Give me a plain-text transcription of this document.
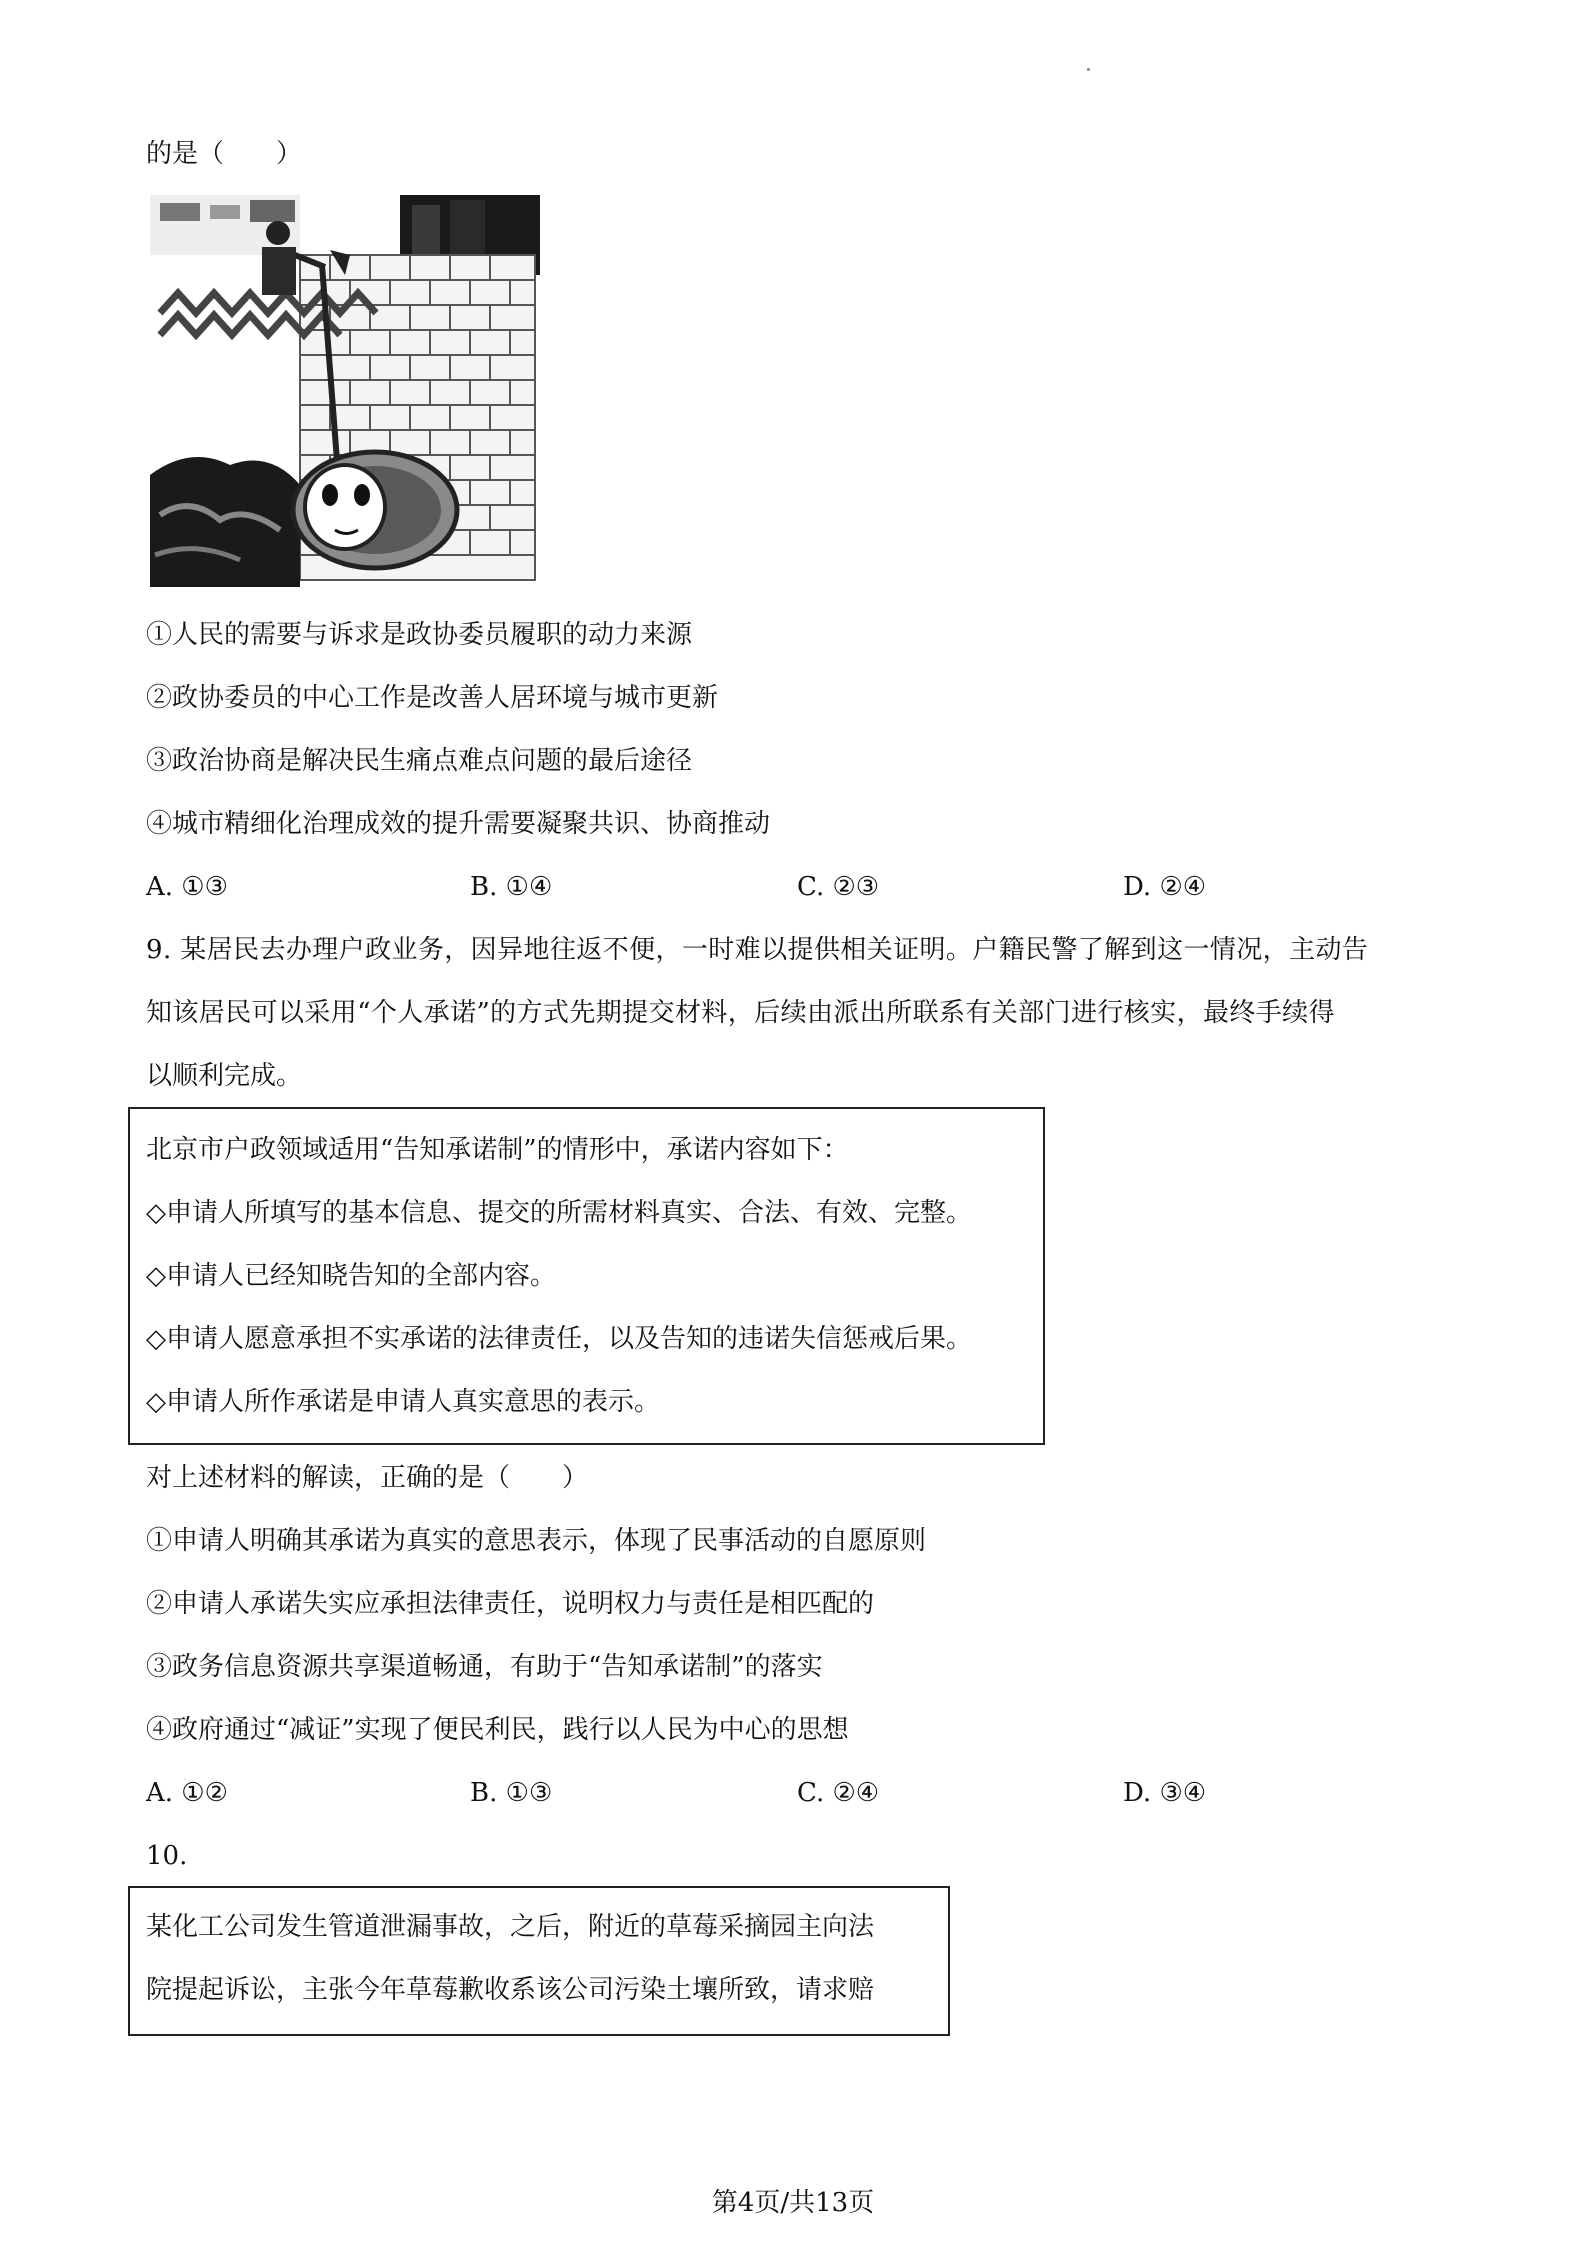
的是（　　）
①人民的需要与诉求是政协委员履职的动力来源
②政协委员的中心工作是改善人居环境与城市更新
③政治协商是解决民生痛点难点问题的最后途径
④城市精细化治理成效的提升需要凝聚共识、协商推动
A. ①③	B. ①④	C. ②③	D. ②④
9. 某居民去办理户政业务，因异地往返不便，一时难以提供相关证明。户籍民警了解到这一情况，主动告
知该居民可以采用“个人承诺”的方式先期提交材料，后续由派出所联系有关部门进行核实，最终手续得
以顺利完成。
北京市户政领域适用“告知承诺制”的情形中，承诺内容如下：
◇申请人所填写的基本信息、提交的所需材料真实、合法、有效、完整。
◇申请人已经知晓告知的全部内容。
◇申请人愿意承担不实承诺的法律责任，以及告知的违诺失信惩戒后果。
◇申请人所作承诺是申请人真实意思的表示。
对上述材料的解读，正确的是（　　）
①申请人明确其承诺为真实的意思表示，体现了民事活动的自愿原则
②申请人承诺失实应承担法律责任，说明权力与责任是相匹配的
③政务信息资源共享渠道畅通，有助于“告知承诺制”的落实
④政府通过“减证”实现了便民利民，践行以人民为中心的思想
A. ①②	B. ①③	C. ②④	D. ③④
10.
某化工公司发生管道泄漏事故，之后，附近的草莓采摘园主向法
院提起诉讼，主张今年草莓歉收系该公司污染土壤所致，请求赔
第4页/共13页
